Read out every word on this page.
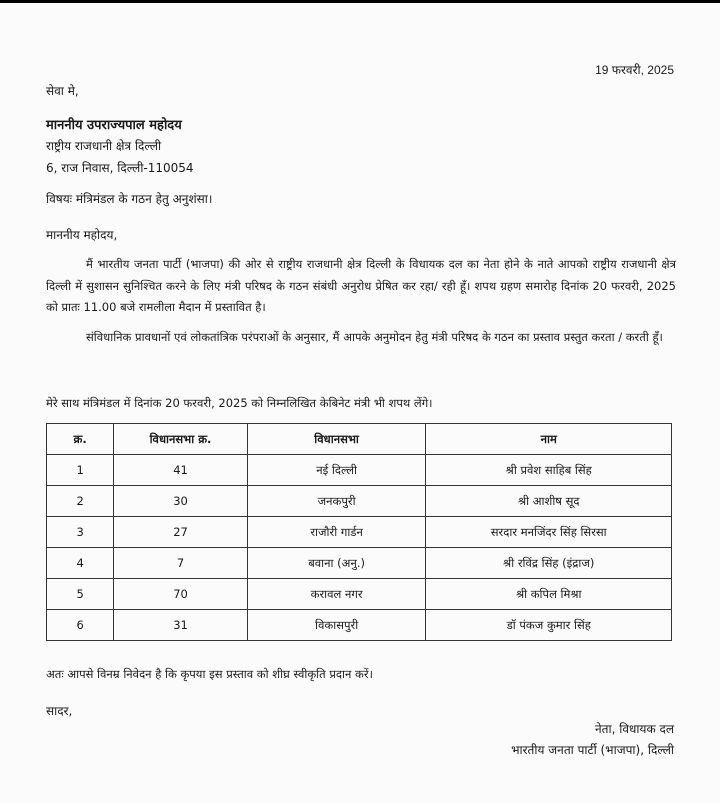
19 फरवरी, 2025
सेवा मे,
माननीय उपराज्यपाल महोदय
राष्ट्रीय राजधानी क्षेत्र दिल्ली
6, राज निवास, दिल्ली-110054
विषयः मंत्रिमंडल के गठन हेतु अनुशंसा।
माननीय महोदय,
मैं भारतीय जनता पार्टी (भाजपा) की ओर से राष्ट्रीय राजधानी क्षेत्र दिल्ली के विधायक दल का नेता होने के नाते आपको राष्ट्रीय राजधानी क्षेत्र दिल्ली में सुशासन सुनिश्चित करने के लिए मंत्री परिषद के गठन संबंधी अनुरोध प्रेषित कर रहा/ रही हूँ। शपथ ग्रहण समारोह दिनांक 20 फरवरी, 2025 को प्रातः 11.00 बजे रामलीला मैदान में प्रस्तावित है।
संविधानिक प्रावधानों एवं लोकतांत्रिक परंपराओं के अनुसार, मैं आपके अनुमोदन हेतु मंत्री परिषद के गठन का प्रस्ताव प्रस्तुत करता / करती हूँ।
मेरे साथ मंत्रिमंडल में दिनांक 20 फरवरी, 2025 को निम्नलिखित केबिनेट मंत्री भी शपथ लेंगे।
क्र.	विधानसभा क्र.	विधानसभा	नाम
1	41	नई दिल्ली	श्री प्रवेश साहिब सिंह
2	30	जनकपुरी	श्री आशीष सूद
3	27	राजौरी गार्डन	सरदार मनजिंदर सिंह सिरसा
4	7	बवाना (अनु.)	श्री रविंद्र सिंह (इंद्राज)
5	70	करावल नगर	श्री कपिल मिश्रा
6	31	विकासपुरी	डॉ पंकज कुमार सिंह
अतः आपसे विनम्र निवेदन है कि कृपया इस प्रस्ताव को शीघ्र स्वीकृति प्रदान करें।
सादर,
नेता, विधायक दल
भारतीय जनता पार्टी (भाजपा), दिल्ली
